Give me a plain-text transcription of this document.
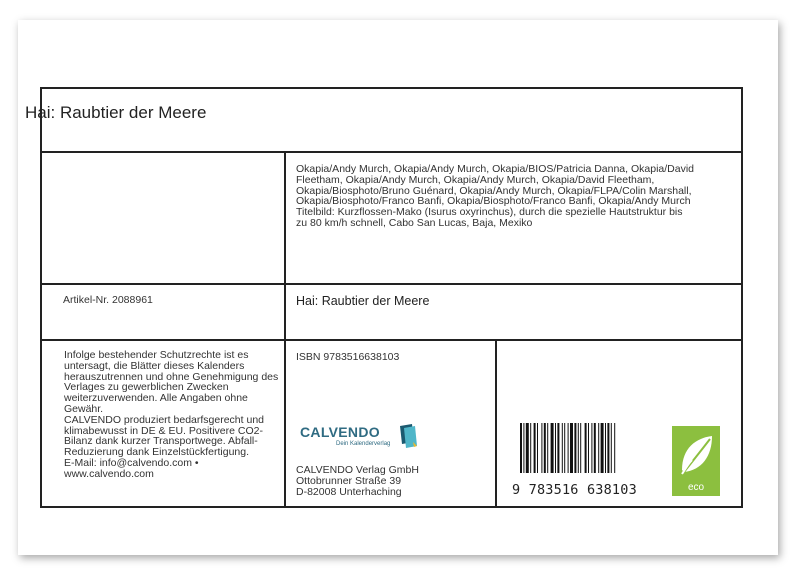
Hai: Raubtier der Meere
Okapia/Andy Murch, Okapia/Andy Murch, Okapia/BIOS/Patricia Danna, Okapia/David
Fleetham, Okapia/Andy Murch, Okapia/Andy Murch, Okapia/David Fleetham,
Okapia/Biosphoto/Bruno Guénard, Okapia/Andy Murch, Okapia/FLPA/Colin Marshall,
Okapia/Biosphoto/Franco Banfi, Okapia/Biosphoto/Franco Banfi, Okapia/Andy Murch
Titelbild: Kurzflossen-Mako (Isurus oxyrinchus), durch die spezielle Hautstruktur bis
zu 80 km/h schnell, Cabo San Lucas, Baja, Mexiko
Artikel-Nr. 2088961	Hai: Raubtier der Meere
Infolge bestehender Schutzrechte ist es
untersagt, die Blätter dieses Kalenders
herauszutrennen und ohne Genehmigung des
Verlages zu gewerblichen Zwecken
weiterzuverwenden. Alle Angaben ohne
Gewähr.
CALVENDO produziert bedarfsgerecht und
klimabewusst in DE & EU. Positivere CO2-
Bilanz dank kurzer Transportwege. Abfall-
Reduzierung dank Einzelstückfertigung.
E-Mail: info@calvendo.com •
www.calvendo.com
ISBN 9783516638103
CALVENDO
Dein Kalenderverlag
CALVENDO Verlag GmbH
Ottobrunner Straße 39
D-82008 Unterhaching	9 783516 638103	eco
